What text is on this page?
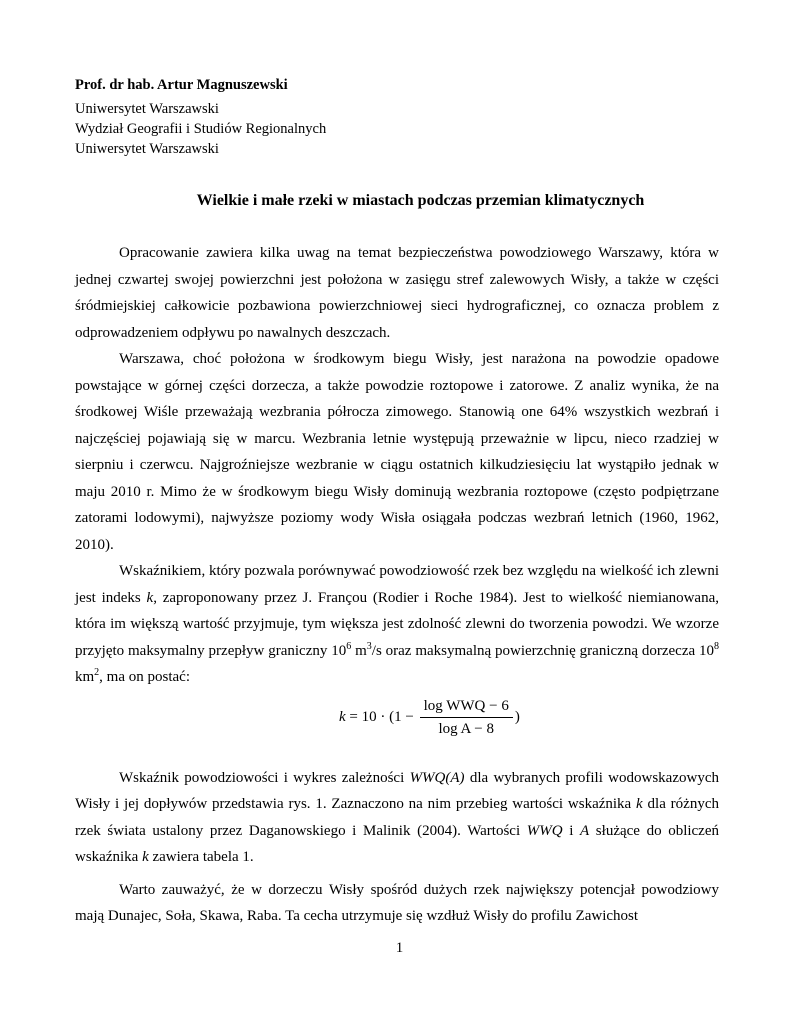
Prof. dr hab. Artur Magnuszewski
Uniwersytet Warszawski
Wydział Geografii i Studiów Regionalnych
Uniwersytet Warszawski
Wielkie i małe rzeki w miastach podczas przemian klimatycznych

Opracowanie zawiera kilka uwag na temat bezpieczeństwa powodziowego Warszawy, która w jednej czwartej swojej powierzchni jest położona w zasięgu stref zalewowych Wisły, a także w części śródmiejskiej całkowicie pozbawiona powierzchniowej sieci hydrograficznej, co oznacza problem z odprowadzeniem odpływu po nawalnych deszczach.

Warszawa, choć położona w środkowym biegu Wisły, jest narażona na powodzie opadowe powstające w górnej części dorzecza, a także powodzie roztopowe i zatorowe. Z analiz wynika, że na środkowej Wiśle przeważają wezbrania półrocza zimowego. Stanowią one 64% wszystkich wezbrań i najczęściej pojawiają się w marcu. Wezbrania letnie występują przeważnie w lipcu, nieco rzadziej w sierpniu i czerwcu. Najgroźniejsze wezbranie w ciągu ostatnich kilkudziesięciu lat wystąpiło jednak w maju 2010 r. Mimo że w środkowym biegu Wisły dominują wezbrania roztopowe (często podpiętrzane zatorami lodowymi), najwyższe poziomy wody Wisła osiągała podczas wezbrań letnich (1960, 1962, 2010).

Wskaźnikiem, który pozwala porównywać powodziowość rzek bez względu na wielkość ich zlewni jest indeks k, zaproponowany przez J. Françou (Rodier i Roche 1984). Jest to wielkość niemianowana, która im większą wartość przyjmuje, tym większa jest zdolność zlewni do tworzenia powodzi. We wzorze przyjęto maksymalny przepływ graniczny $10^6$ $m^3/s$ oraz maksymalną powierzchnię graniczną dorzecza $10^8$ $km^2$, ma on postać:

$k = 10 \cdot (1 - \frac{\text{log WWQ − 6}}{\text{log A − 8}}$ )

Wskaźnik powodziowości i wykres zależności WWQ(A) dla wybranych profili wodowskazowych Wisły i jej dopływów przedstawia rys. 1. Zaznaczono na nim przebieg wartości wskaźnika k dla różnych rzek świata ustalony przez Daganowskiego i Malinik (2004). Wartości WWQ i A służące do obliczeń wskaźnika k zawiera tabela 1.

Warto zauważyć, że w dorzeczu Wisły spośród dużych rzek największy potencjał powodziowy mają Dunajec, Soła, Skawa, Raba. Ta cecha utrzymuje się wzdłuż Wisły do profilu Zawichost

1
